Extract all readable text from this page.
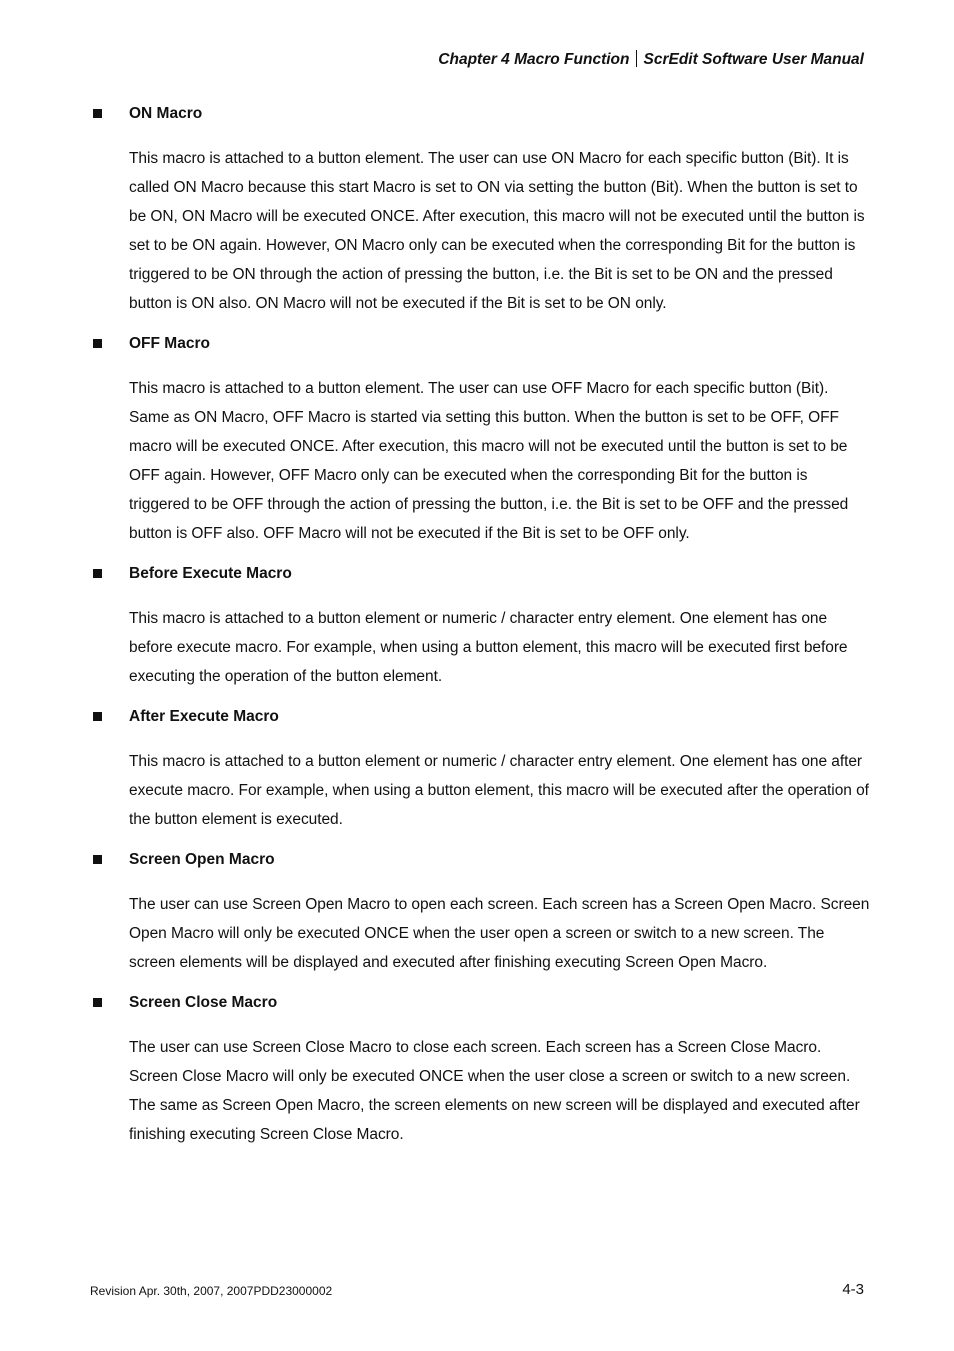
Chapter 4 Macro Function ScrEdit Software User Manual
ON Macro
This macro is attached to a button element. The user can use ON Macro for each specific button (Bit). It is called ON Macro because this start Macro is set to ON via setting the button (Bit). When the button is set to be ON, ON Macro will be executed ONCE. After execution, this macro will not be executed until the button is set to be ON again. However, ON Macro only can be executed when the corresponding Bit for the button is triggered to be ON through the action of pressing the button, i.e. the Bit is set to be ON and the pressed button is ON also. ON Macro will not be executed if the Bit is set to be ON only.
OFF Macro
This macro is attached to a button element. The user can use OFF Macro for each specific button (Bit). Same as ON Macro, OFF Macro is started via setting this button. When the button is set to be OFF, OFF macro will be executed ONCE. After execution, this macro will not be executed until the button is set to be OFF again. However, OFF Macro only can be executed when the corresponding Bit for the button is triggered to be OFF through the action of pressing the button, i.e. the Bit is set to be OFF and the pressed button is OFF also. OFF Macro will not be executed if the Bit is set to be OFF only.
Before Execute Macro
This macro is attached to a button element or numeric / character entry element. One element has one before execute macro. For example, when using a button element, this macro will be executed first before executing the operation of the button element.
After Execute Macro
This macro is attached to a button element or numeric / character entry element. One element has one after execute macro. For example, when using a button element, this macro will be executed after the operation of the button element is executed.
Screen Open Macro
The user can use Screen Open Macro to open each screen. Each screen has a Screen Open Macro. Screen Open Macro will only be executed ONCE when the user open a screen or switch to a new screen. The screen elements will be displayed and executed after finishing executing Screen Open Macro.
Screen Close Macro
The user can use Screen Close Macro to close each screen. Each screen has a Screen Close Macro. Screen Close Macro will only be executed ONCE when the user close a screen or switch to a new screen. The same as Screen Open Macro, the screen elements on new screen will be displayed and executed after finishing executing Screen Close Macro.
Revision Apr. 30th, 2007, 2007PDD23000002	4-3
